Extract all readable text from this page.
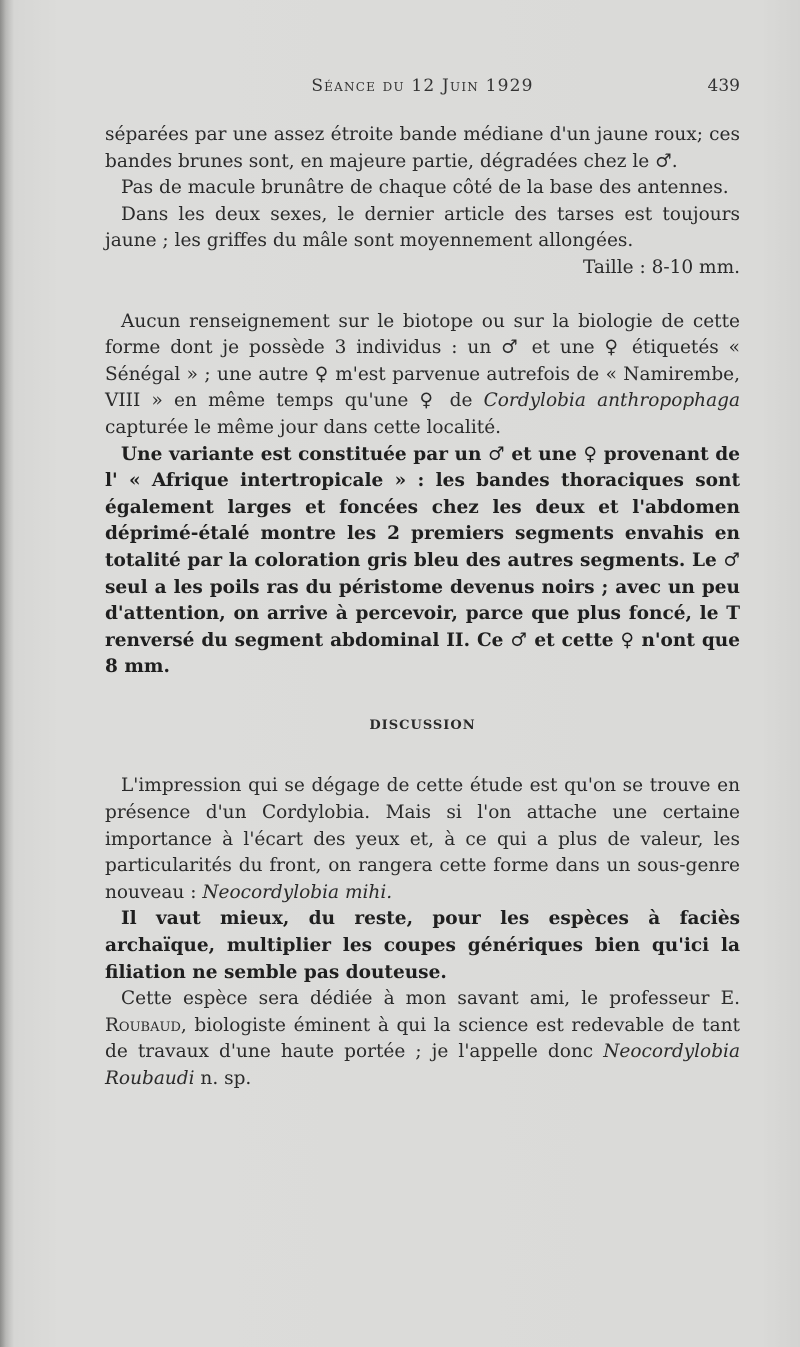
Séance du 12 Juin 1929	439

séparées par une assez étroite bande médiane d'un jaune roux; ces bandes brunes sont, en majeure partie, dégradées chez le ♂.

Pas de macule brunâtre de chaque côté de la base des antennes.

Dans les deux sexes, le dernier article des tarses est toujours jaune ; les griffes du mâle sont moyennement allongées.

Taille : 8-10 mm.

Aucun renseignement sur le biotope ou sur la biologie de cette forme dont je possède 3 individus : un ♂ et une ♀ étiquetés « Sénégal » ; une autre ♀ m'est parvenue autrefois de « Namirembe, VIII » en même temps qu'une ♀ de Cordylobia anthropophaga capturée le même jour dans cette localité.

Une variante est constituée par un ♂ et une ♀ provenant de l' « Afrique intertropicale » : les bandes thoraciques sont également larges et foncées chez les deux et l'abdomen déprimé-étalé montre les 2 premiers segments envahis en totalité par la coloration gris bleu des autres segments. Le ♂ seul a les poils ras du péristome devenus noirs ; avec un peu d'attention, on arrive à percevoir, parce que plus foncé, le T renversé du segment abdominal II. Ce ♂ et cette ♀ n'ont que 8 mm.

DISCUSSION

L'impression qui se dégage de cette étude est qu'on se trouve en présence d'un Cordylobia. Mais si l'on attache une certaine importance à l'écart des yeux et, à ce qui a plus de valeur, les particularités du front, on rangera cette forme dans un sous-genre nouveau : Neocordylobia mihi.

Il vaut mieux, du reste, pour les espèces à faciès archaïque, multiplier les coupes génériques bien qu'ici la filiation ne semble pas douteuse.

Cette espèce sera dédiée à mon savant ami, le professeur E. Roubaud, biologiste éminent à qui la science est redevable de tant de travaux d'une haute portée ; je l'appelle donc Neocordylobia Roubaudi n. sp.
